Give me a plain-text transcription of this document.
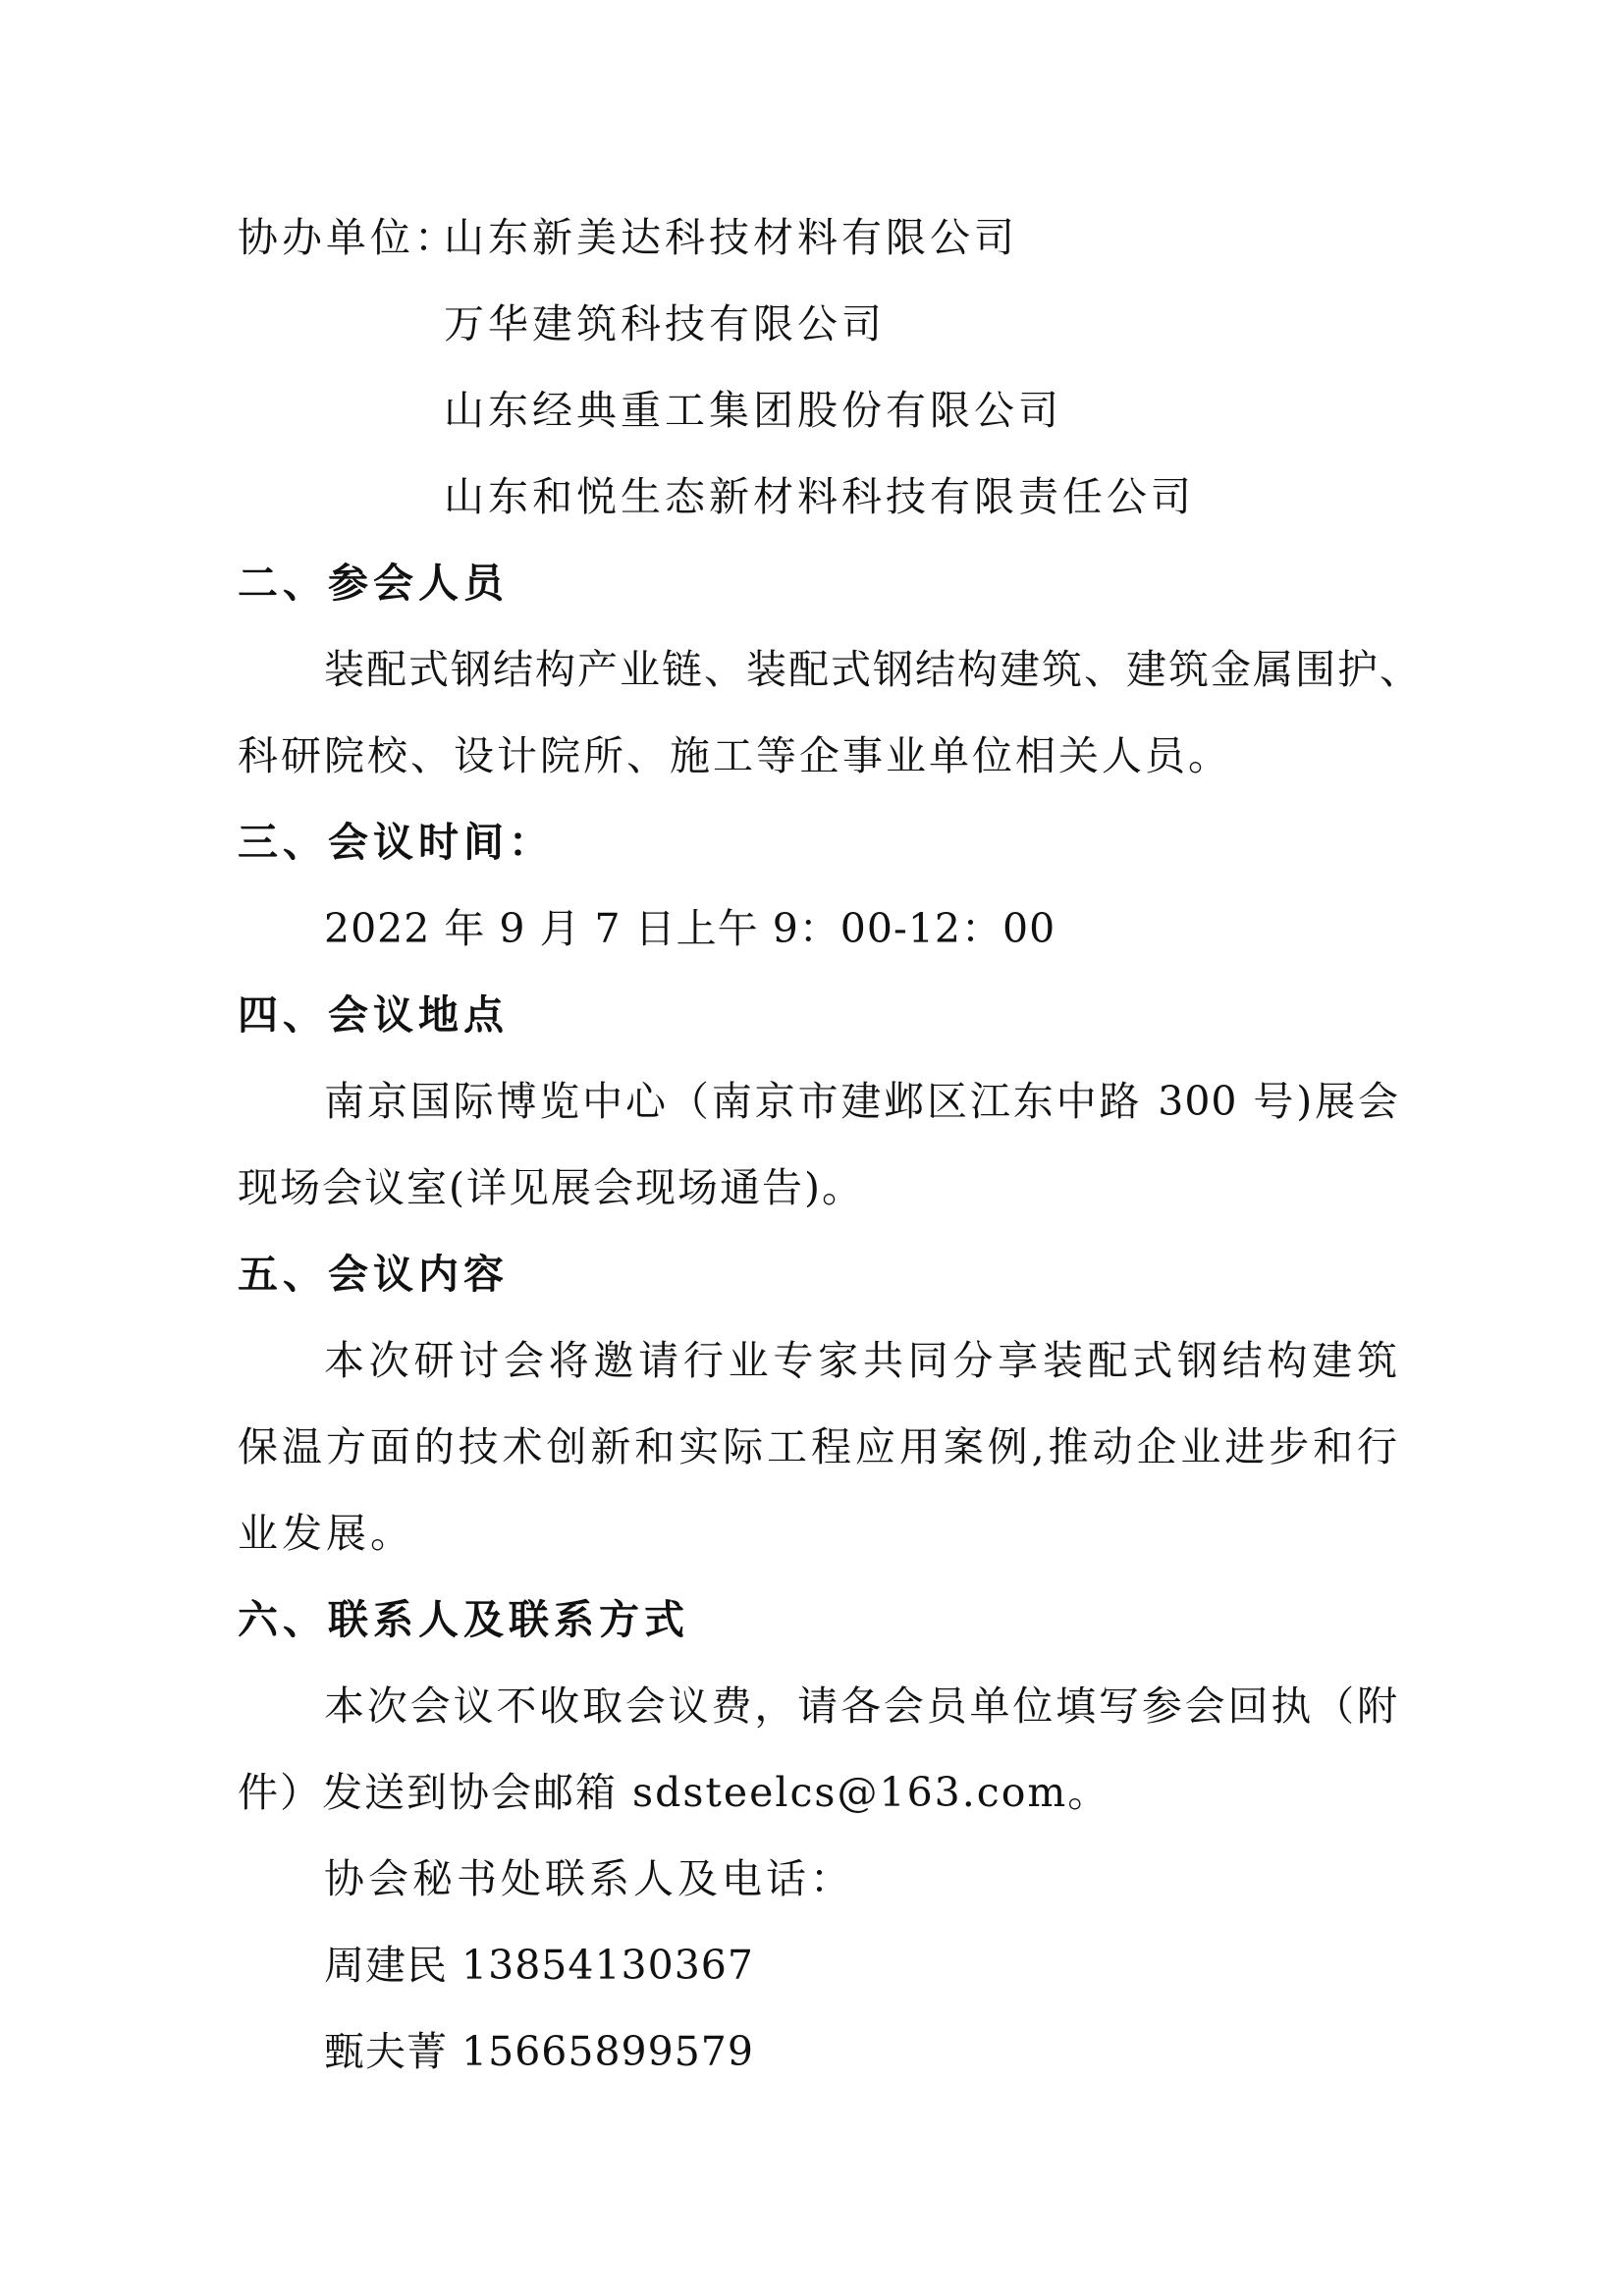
协办单位：
山东新美达科技材料有限公司
万华建筑科技有限公司
山东经典重工集团股份有限公司
山东和悦生态新材料科技有限责任公司
二、参会人员
装配式钢结构产业链、装配式钢结构建筑、建筑金属围护、
科研院校、设计院所、施工等企事业单位相关人员。
三、会议时间：
2022 年 9 月 7 日上午 9：00-12：00
四、会议地点
南京国际博览中心（南京市建邺区江东中路 300 号)展会
现场会议室(详见展会现场通告)。
五、会议内容
本次研讨会将邀请行业专家共同分享装配式钢结构建筑
保温方面的技术创新和实际工程应用案例,推动企业进步和行
业发展。
六、联系人及联系方式
本次会议不收取会议费，请各会员单位填写参会回执（附
件）发送到协会邮箱 sdsteelcs@163.com。
协会秘书处联系人及电话：
周建民 13854130367
甄夫菁 15665899579
